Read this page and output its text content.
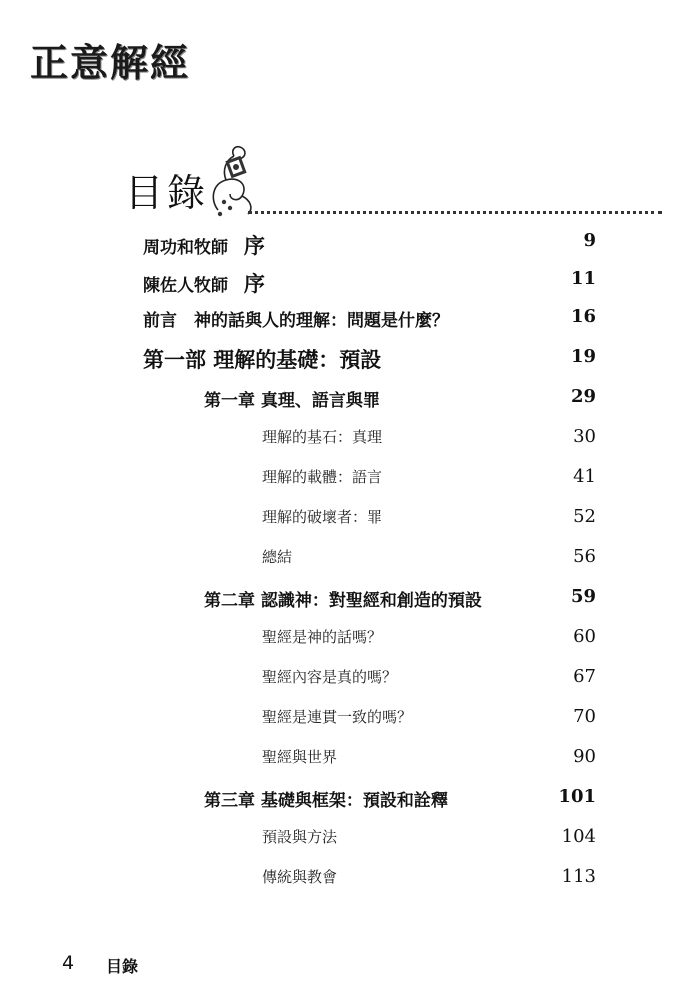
正意解經
目錄
周功和牧師 序	9
陳佐人牧師 序	11
前言　神的話與人的理解：問題是什麼？	16
第一部 理解的基礎：預設	19
第一章 真理、語言與罪	29
理解的基石：真理	30
理解的載體：語言	41
理解的破壞者：罪	52
總結	56
第二章 認識神：對聖經和創造的預設	59
聖經是神的話嗎？	60
聖經內容是真的嗎？	67
聖經是連貫一致的嗎？	70
聖經與世界	90
第三章 基礎與框架：預設和詮釋	101
預設與方法	104
傳統與教會	113
4 目錄
